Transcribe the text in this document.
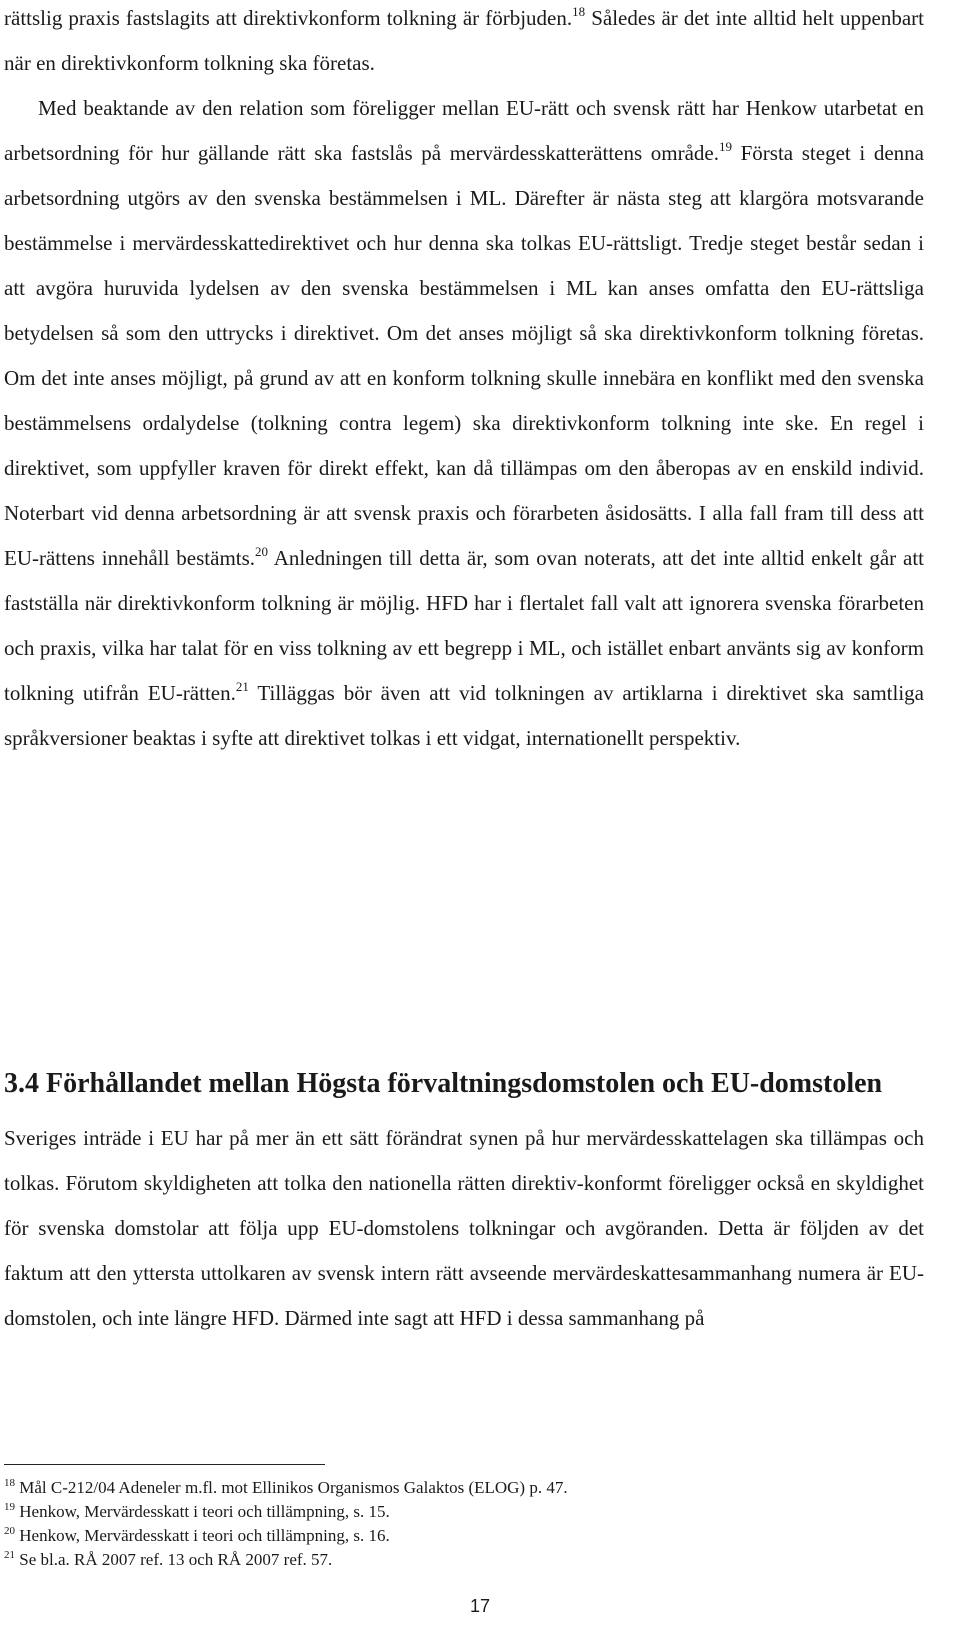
rättslig praxis fastslagits att direktivkonform tolkning är förbjuden.$^{18}$ Således är det inte alltid helt uppenbart när en direktivkonform tolkning ska företas.

Med beaktande av den relation som föreligger mellan EU-rätt och svensk rätt har Henkow utarbetat en arbetsordning för hur gällande rätt ska fastslås på mervärdesskatterättens område.$^{19}$ Första steget i denna arbetsordning utgörs av den svenska bestämmelsen i ML. Därefter är nästa steg att klargöra motsvarande bestämmelse i mervärdesskattedirektivet och hur denna ska tolkas EU-rättsligt. Tredje steget består sedan i att avgöra huruvida lydelsen av den svenska bestämmelsen i ML kan anses omfatta den EU-rättsliga betydelsen så som den uttrycks i direktivet. Om det anses möjligt så ska direktivkonform tolkning företas. Om det inte anses möjligt, på grund av att en konform tolkning skulle innebära en konflikt med den svenska bestämmelsens ordalydelse (tolkning contra legem) ska direktivkonform tolkning inte ske. En regel i direktivet, som uppfyller kraven för direkt effekt, kan då tillämpas om den åberopas av en enskild individ. Noterbart vid denna arbetsordning är att svensk praxis och förarbeten åsidosätts. I alla fall fram till dess att EU-rättens innehåll bestämts.$^{20}$ Anledningen till detta är, som ovan noterats, att det inte alltid enkelt går att fastställa när direktivkonform tolkning är möjlig. HFD har i flertalet fall valt att ignorera svenska förarbeten och praxis, vilka har talat för en viss tolkning av ett begrepp i ML, och istället enbart använts sig av konform tolkning utifrån EU-rätten.$^{21}$ Tilläggas bör även att vid tolkningen av artiklarna i direktivet ska samtliga språkversioner beaktas i syfte att direktivet tolkas i ett vidgat, internationellt perspektiv.

3.4 Förhållandet mellan Högsta förvaltningsdomstolen och EU-domstolen

Sveriges inträde i EU har på mer än ett sätt förändrat synen på hur mervärdesskattelagen ska tillämpas och tolkas. Förutom skyldigheten att tolka den nationella rätten direktiv-konformt föreligger också en skyldighet för svenska domstolar att följa upp EU-domstolens tolkningar och avgöranden. Detta är följden av det faktum att den yttersta uttolkaren av svensk intern rätt avseende mervärdeskattesammanhang numera är EU-domstolen, och inte längre HFD. Därmed inte sagt att HFD i dessa sammanhang på

$^{18}$ Mål C-212/04 Adeneler m.fl. mot Ellinikos Organismos Galaktos (ELOG) p. 47.
$^{19}$ Henkow, Mervärdesskatt i teori och tillämpning, s. 15.
$^{20}$ Henkow, Mervärdesskatt i teori och tillämpning, s. 16.
$^{21}$ Se bl.a. RÅ 2007 ref. 13 och RÅ 2007 ref. 57.
17
